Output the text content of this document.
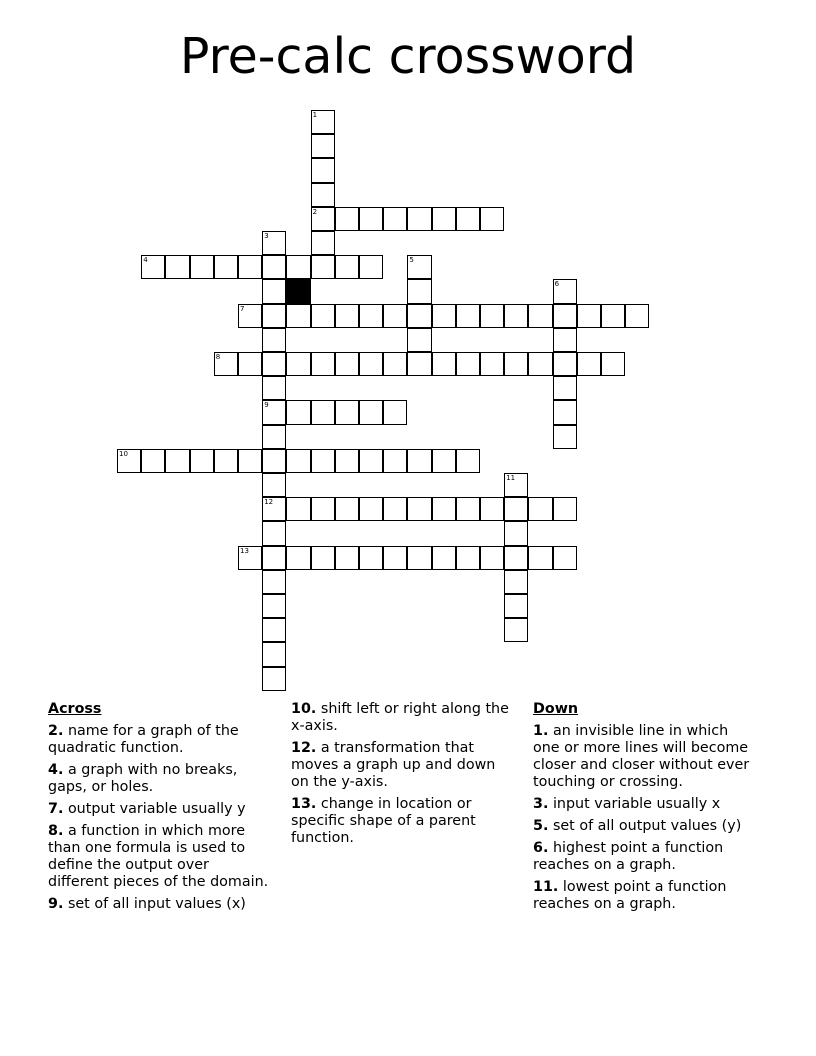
Pre-calc crossword
1
2
3
9
12
4	5
6
7
8
10
11
13
Across
2. name for a graph of the quadratic function.
4. a graph with no breaks, gaps, or holes.
7. output variable usually y
8. a function in which more than one formula is used to define the output over different pieces of the domain.
9. set of all input values (x)
10. shift left or right along the x-axis.
12. a transformation that moves a graph up and down on the y-axis.
13. change in location or specific shape of a parent function.
Down
1. an invisible line in which one or more lines will become closer and closer without ever touching or crossing.
3. input variable usually x
5. set of all output values (y)
6. highest point a function reaches on a graph.
11. lowest point a function reaches on a graph.
